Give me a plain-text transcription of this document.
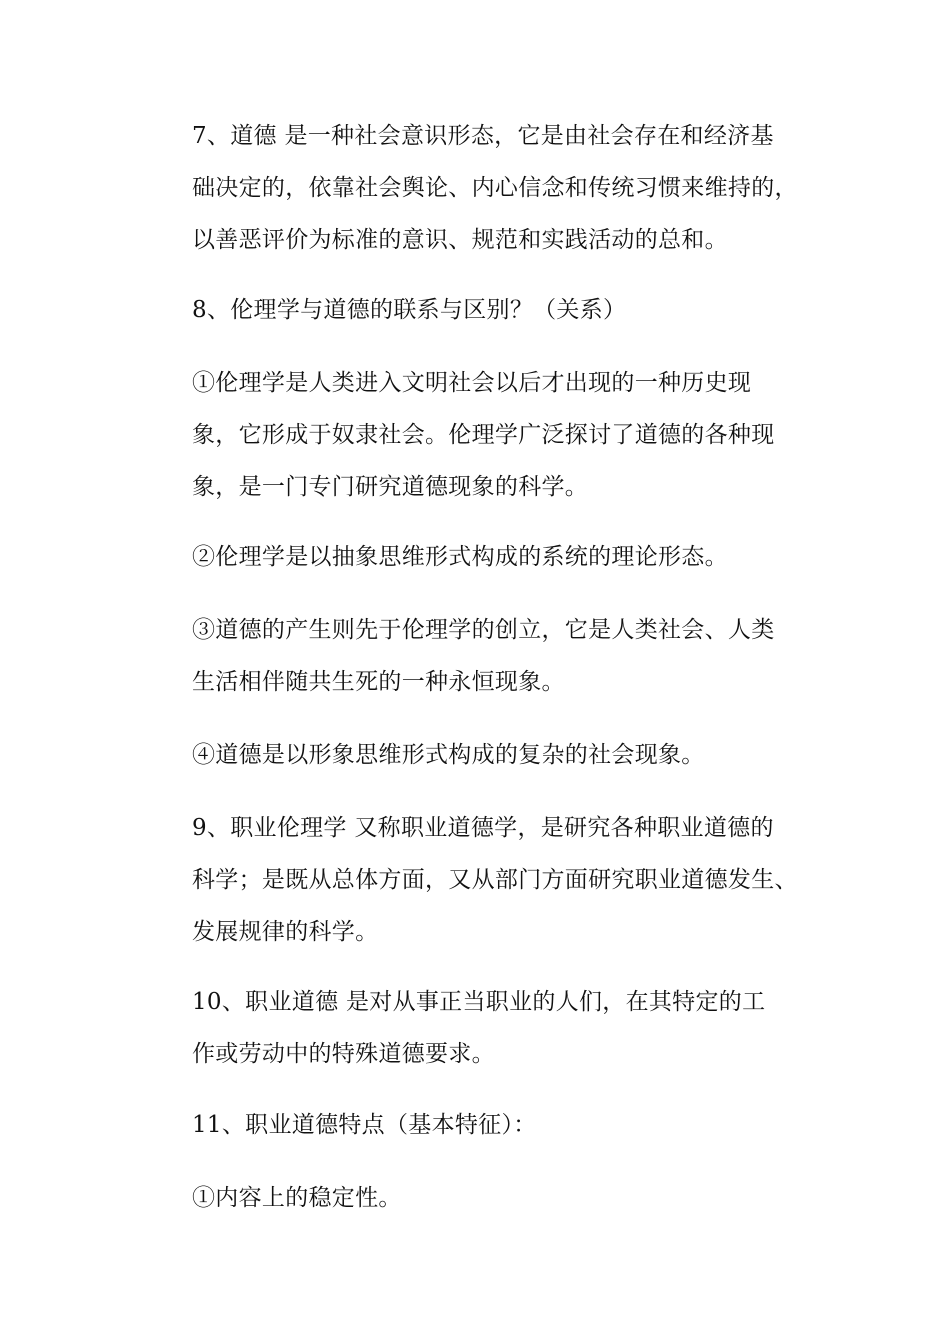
7、道德 是一种社会意识形态，它是由社会存在和经济基
础决定的，依靠社会舆论、内心信念和传统习惯来维持的，
以善恶评价为标准的意识、规范和实践活动的总和。

8、伦理学与道德的联系与区别？（关系）

①伦理学是人类进入文明社会以后才出现的一种历史现
象，它形成于奴隶社会。伦理学广泛探讨了道德的各种现
象，是一门专门研究道德现象的科学。

②伦理学是以抽象思维形式构成的系统的理论形态。

③道德的产生则先于伦理学的创立，它是人类社会、人类
生活相伴随共生死的一种永恒现象。

④道德是以形象思维形式构成的复杂的社会现象。

9、职业伦理学 又称职业道德学，是研究各种职业道德的
科学；是既从总体方面，又从部门方面研究职业道德发生、
发展规律的科学。

10、职业道德 是对从事正当职业的人们，在其特定的工
作或劳动中的特殊道德要求。

11、职业道德特点（基本特征）：

①内容上的稳定性。
